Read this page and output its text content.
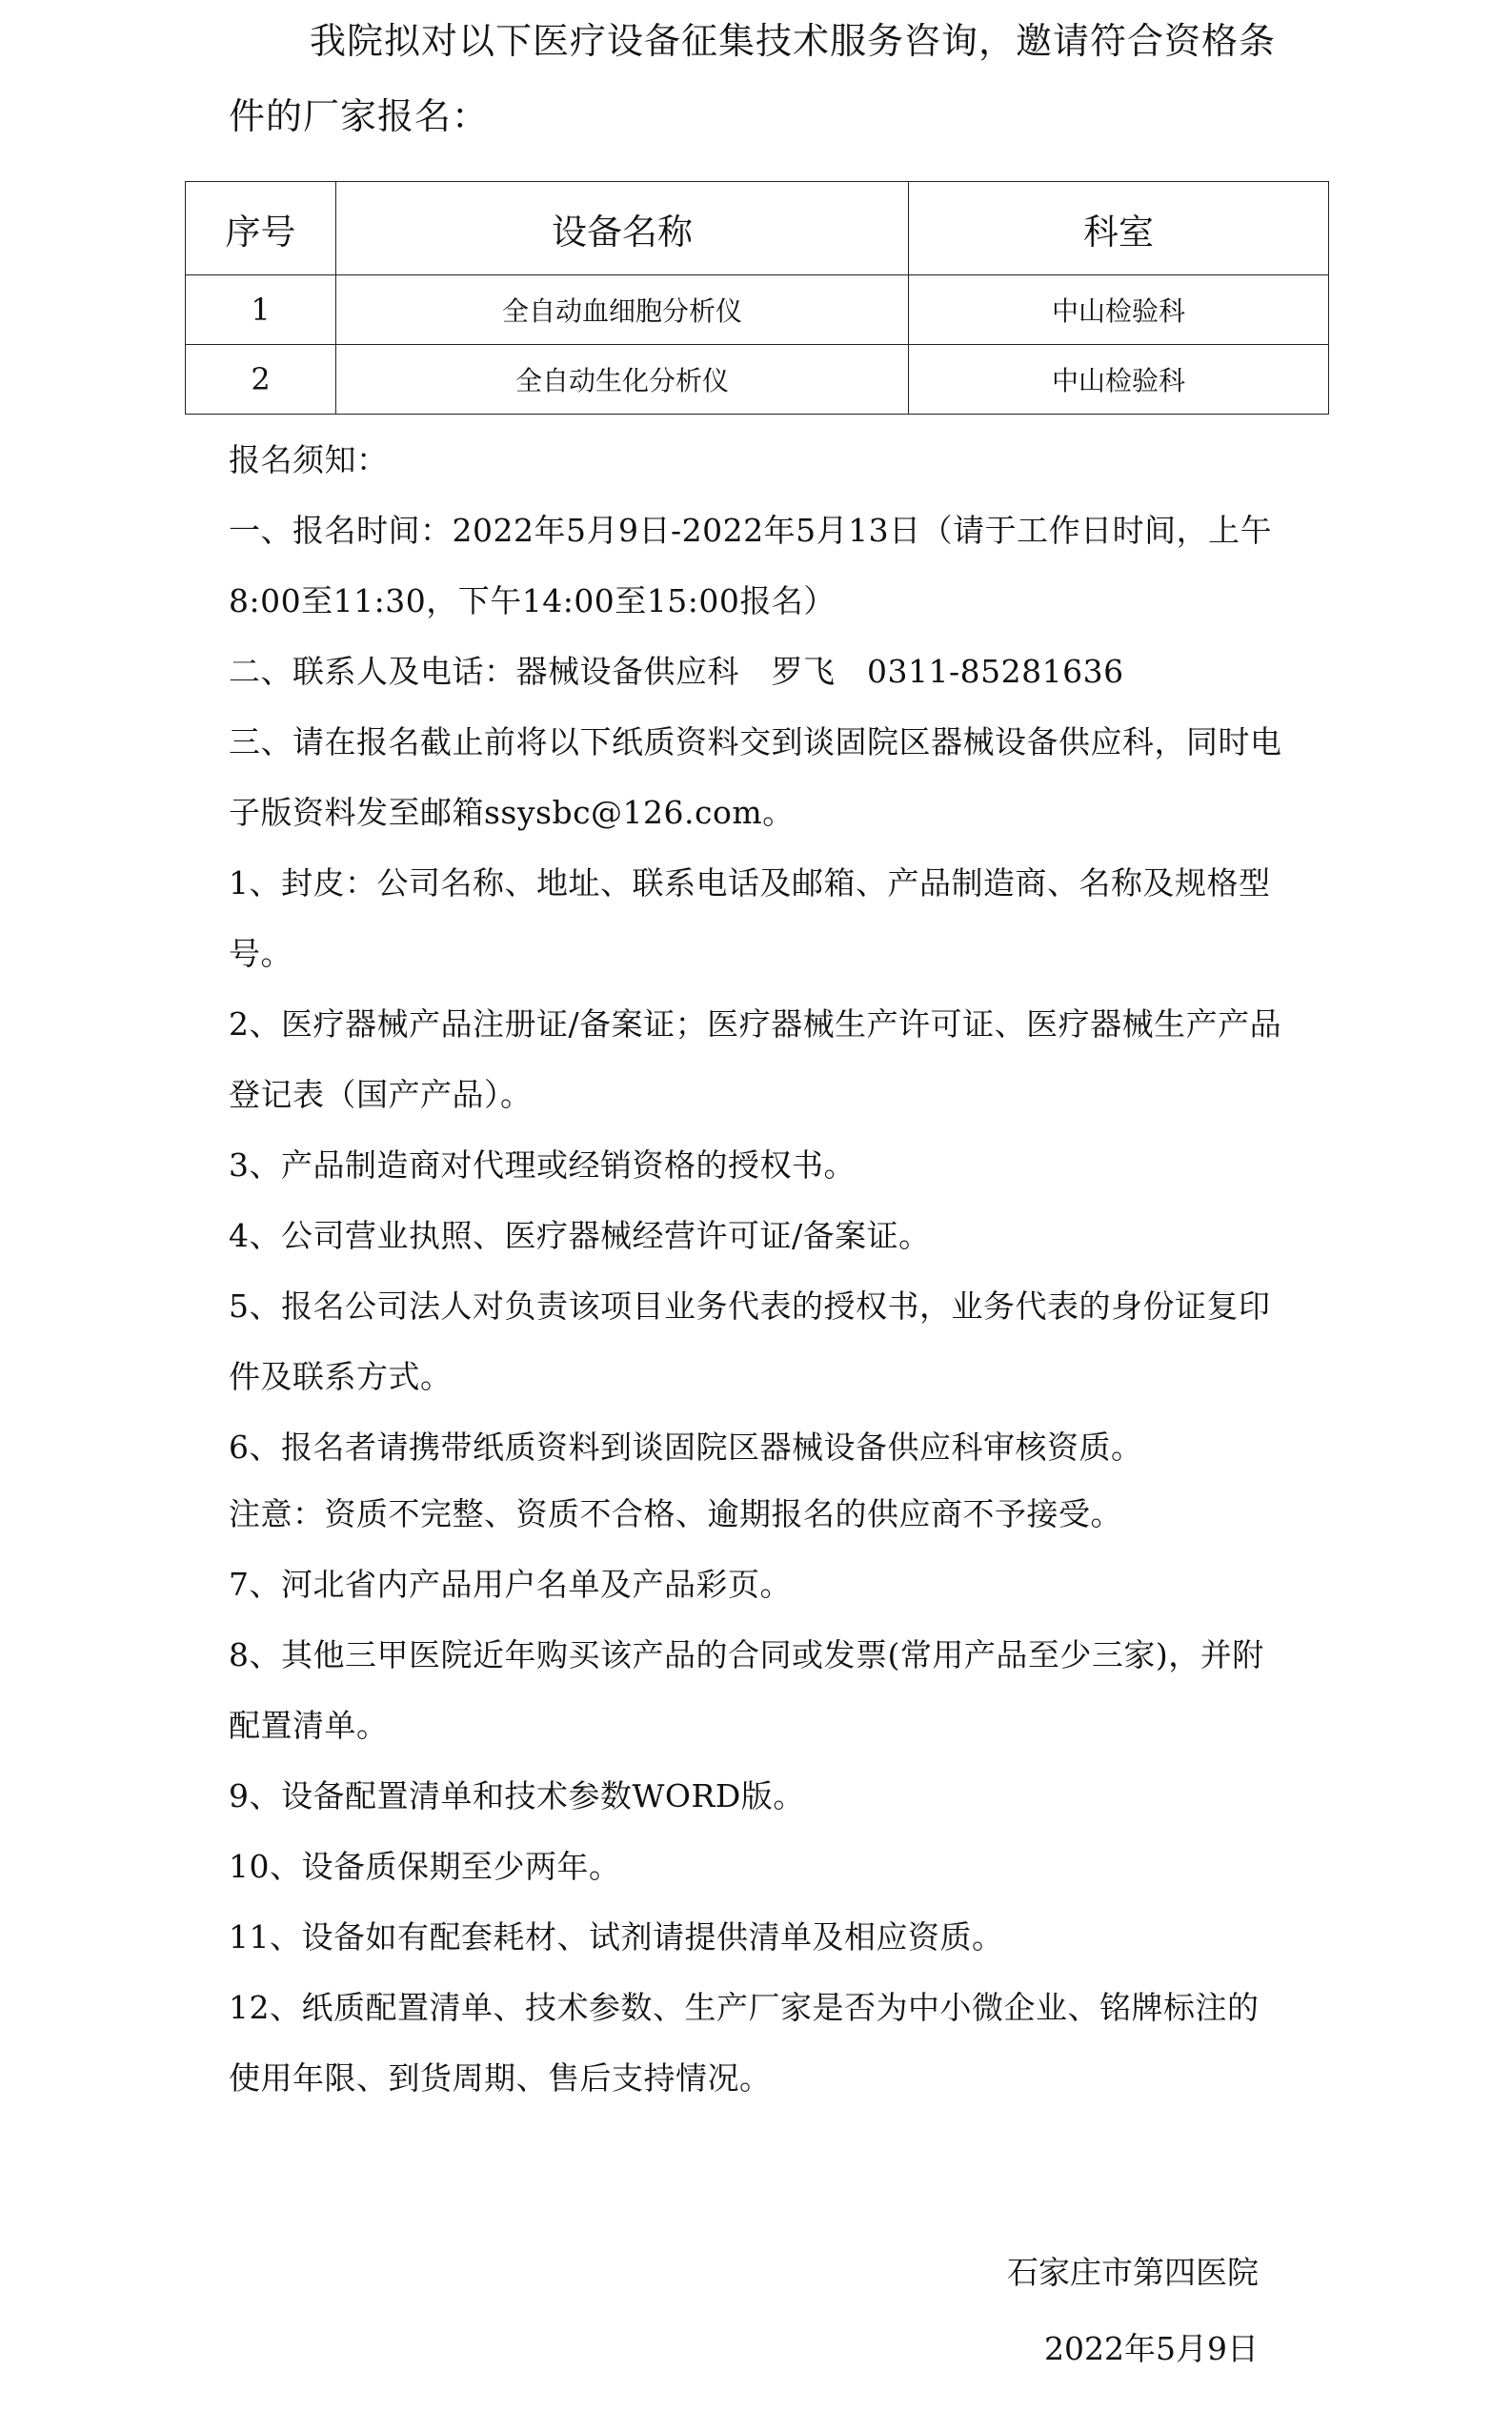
我院拟对以下医疗设备征集技术服务咨询，邀请符合资格条件的厂家报名：

序号	设备名称	科室
1	全自动血细胞分析仪	中山检验科
2	全自动生化分析仪	中山检验科

报名须知：

一、报名时间：2022年5月9日-2022年5月13日（请于工作日时间，上午8:00至11:30，下午14:00至15:00报名）

二、联系人及电话：器械设备供应科　罗飞　0311-85281636

三、请在报名截止前将以下纸质资料交到谈固院区器械设备供应科，同时电子版资料发至邮箱ssysbc@126.com。

1、封皮：公司名称、地址、联系电话及邮箱、产品制造商、名称及规格型号。

2、医疗器械产品注册证/备案证；医疗器械生产许可证、医疗器械生产产品登记表（国产产品）。

3、产品制造商对代理或经销资格的授权书。

4、公司营业执照、医疗器械经营许可证/备案证。

5、报名公司法人对负责该项目业务代表的授权书，业务代表的身份证复印件及联系方式。

6、报名者请携带纸质资料到谈固院区器械设备供应科审核资质。

注意：资质不完整、资质不合格、逾期报名的供应商不予接受。

7、河北省内产品用户名单及产品彩页。

8、其他三甲医院近年购买该产品的合同或发票(常用产品至少三家)，并附配置清单。

9、设备配置清单和技术参数WORD版。

10、设备质保期至少两年。

11、设备如有配套耗材、试剂请提供清单及相应资质。

12、纸质配置清单、技术参数、生产厂家是否为中小微企业、铭牌标注的使用年限、到货周期、售后支持情况。

石家庄市第四医院
2022年5月9日
